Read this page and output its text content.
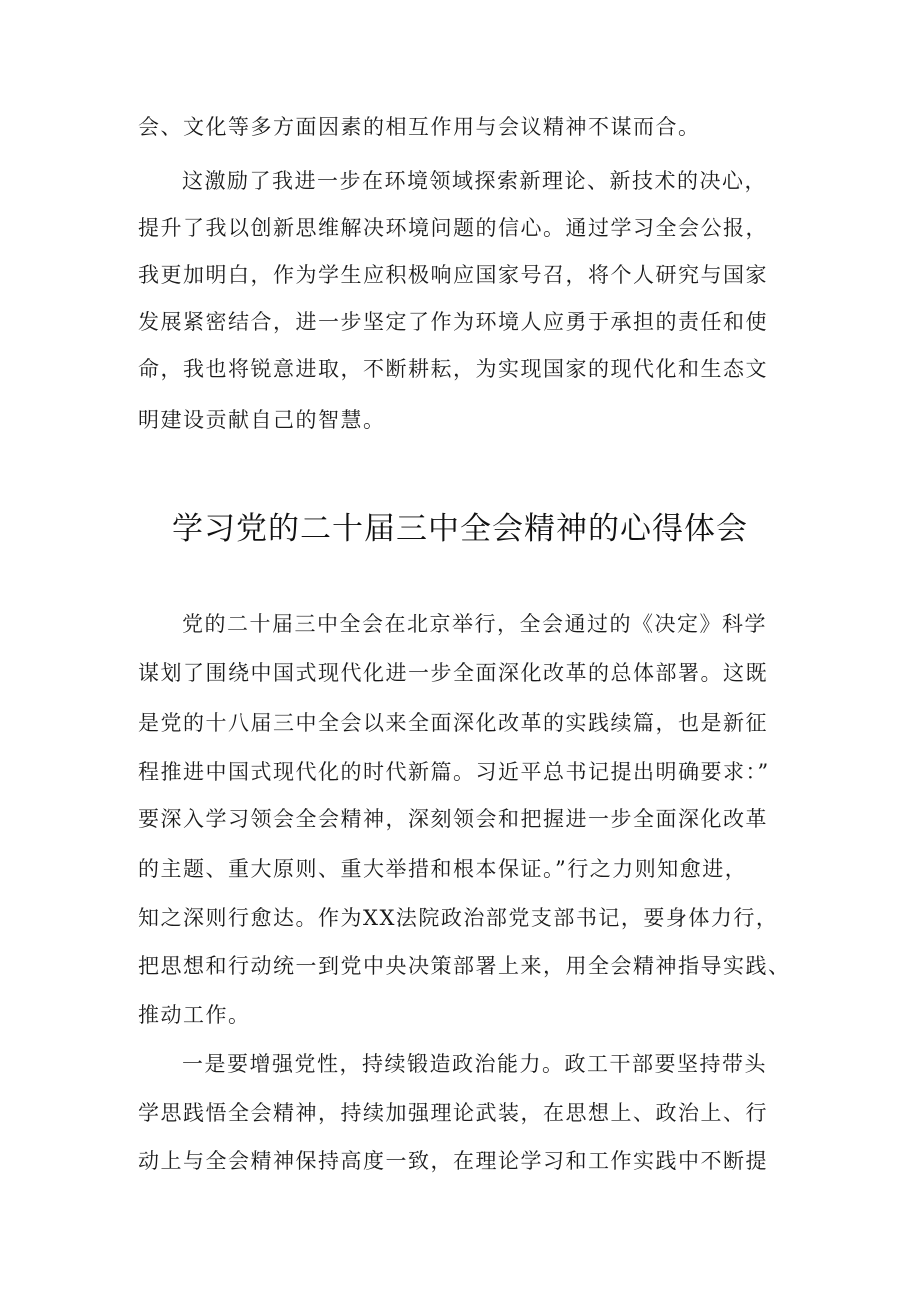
会、文化等多方面因素的相互作用与会议精神不谋而合。
这激励了我进一步在环境领域探索新理论、新技术的决心，
提升了我以创新思维解决环境问题的信心。通过学习全会公报，
我更加明白，作为学生应积极响应国家号召，将个人研究与国家
发展紧密结合，进一步坚定了作为环境人应勇于承担的责任和使
命，我也将锐意进取，不断耕耘，为实现国家的现代化和生态文
明建设贡献自己的智慧。
学习党的二十届三中全会精神的心得体会
党的二十届三中全会在北京举行，全会通过的《决定》科学
谋划了围绕中国式现代化进一步全面深化改革的总体部署。这既
是党的十八届三中全会以来全面深化改革的实践续篇，也是新征
程推进中国式现代化的时代新篇。习近平总书记提出明确要求：”
要深入学习领会全会精神，深刻领会和把握进一步全面深化改革
的主题、重大原则、重大举措和根本保证。”行之力则知愈进，
知之深则行愈达。作为XX法院政治部党支部书记，要身体力行，
把思想和行动统一到党中央决策部署上来，用全会精神指导实践、
推动工作。
一是要增强党性，持续锻造政治能力。政工干部要坚持带头
学思践悟全会精神，持续加强理论武装，在思想上、政治上、行
动上与全会精神保持高度一致，在理论学习和工作实践中不断提
